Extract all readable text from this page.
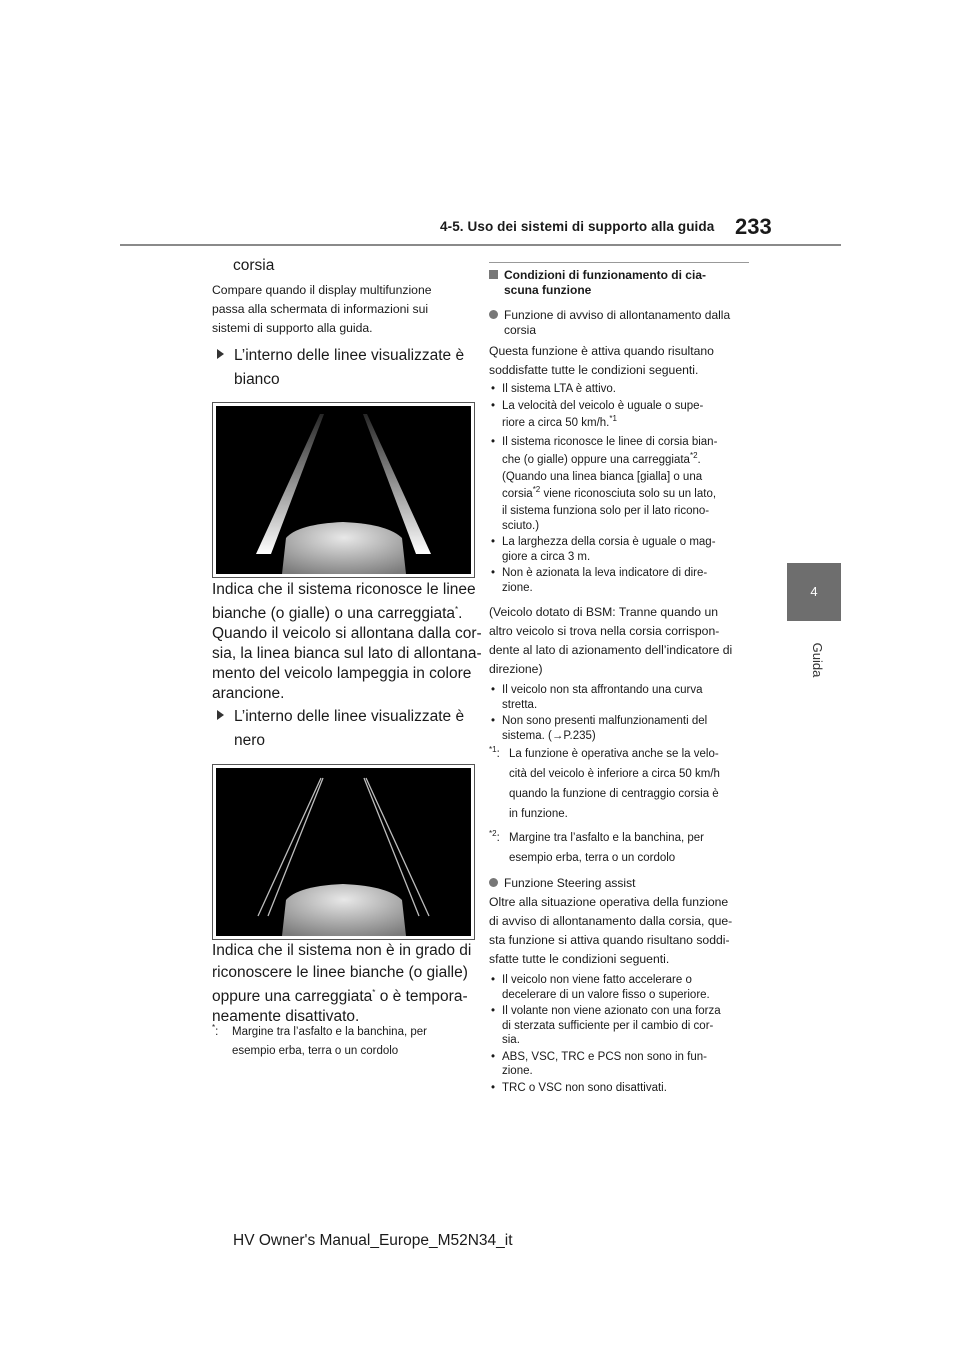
4-5. Uso dei sistemi di supporto alla guida 233
4
Guida
corsia

Compare quando il display multifunzione

passa alla schermata di informazioni sui

sistemi di supporto alla guida.

L’interno delle linee visualizzate è
bianco

Indica che il sistema riconosce le linee

bianche (o gialle) o una carreggiata*.

Quando il veicolo si allontana dalla cor-

sia, la linea bianca sul lato di allontana-

mento del veicolo lampeggia in colore

arancione.

L’interno delle linee visualizzate è
nero

Indica che il sistema non è in grado di

riconoscere le linee bianche (o gialle)

oppure una carreggiata* o è tempora-

neamente disattivato.

*: Margine tra l’asfalto e la banchina, per
esempio erba, terra o un cordolo
Condizioni di funzionamento di cia-
scuna funzione
Funzione di avviso di allontanamento dalla
corsia

Questa funzione è attiva quando risultano

soddisfatte tutte le condizioni seguenti.

• Il sistema LTA è attivo.
• La velocità del veicolo è uguale o supe-
riore a circa 50 km/h.$^{*1}$
• Il sistema riconosce le linee di corsia bian-
che (o gialle) oppure una carreggiata$^{*2}$.
(Quando una linea bianca [gialla] o una
corsia$^{*2}$ viene riconosciuta solo su un lato,
il sistema funziona solo per il lato ricono-
sciuto.)
• La larghezza della corsia è uguale o mag-
giore a circa 3 m.
• Non è azionata la leva indicatore di dire-
zione.

(Veicolo dotato di BSM: Tranne quando un

altro veicolo si trova nella corsia corrispon-

dente al lato di azionamento dell’indicatore di

direzione)

• Il veicolo non sta affrontando una curva
stretta.
• Non sono presenti malfunzionamenti del
sistema. (→P.235)
$^{*1}$: La funzione è operativa anche se la velo-
cità del veicolo è inferiore a circa 50 km/h
quando la funzione di centraggio corsia è
in funzione.
$^{*2}$: Margine tra l’asfalto e la banchina, per
esempio erba, terra o un cordolo
Funzione Steering assist

Oltre alla situazione operativa della funzione

di avviso di allontanamento dalla corsia, que-

sta funzione si attiva quando risultano soddi-

sfatte tutte le condizioni seguenti.

• Il veicolo non viene fatto accelerare o
decelerare di un valore fisso o superiore.
• Il volante non viene azionato con una forza
di sterzata sufficiente per il cambio di cor-
sia.
• ABS, VSC, TRC e PCS non sono in fun-
zione.
• TRC o VSC non sono disattivati.
HV Owner's Manual_Europe_M52N34_it
